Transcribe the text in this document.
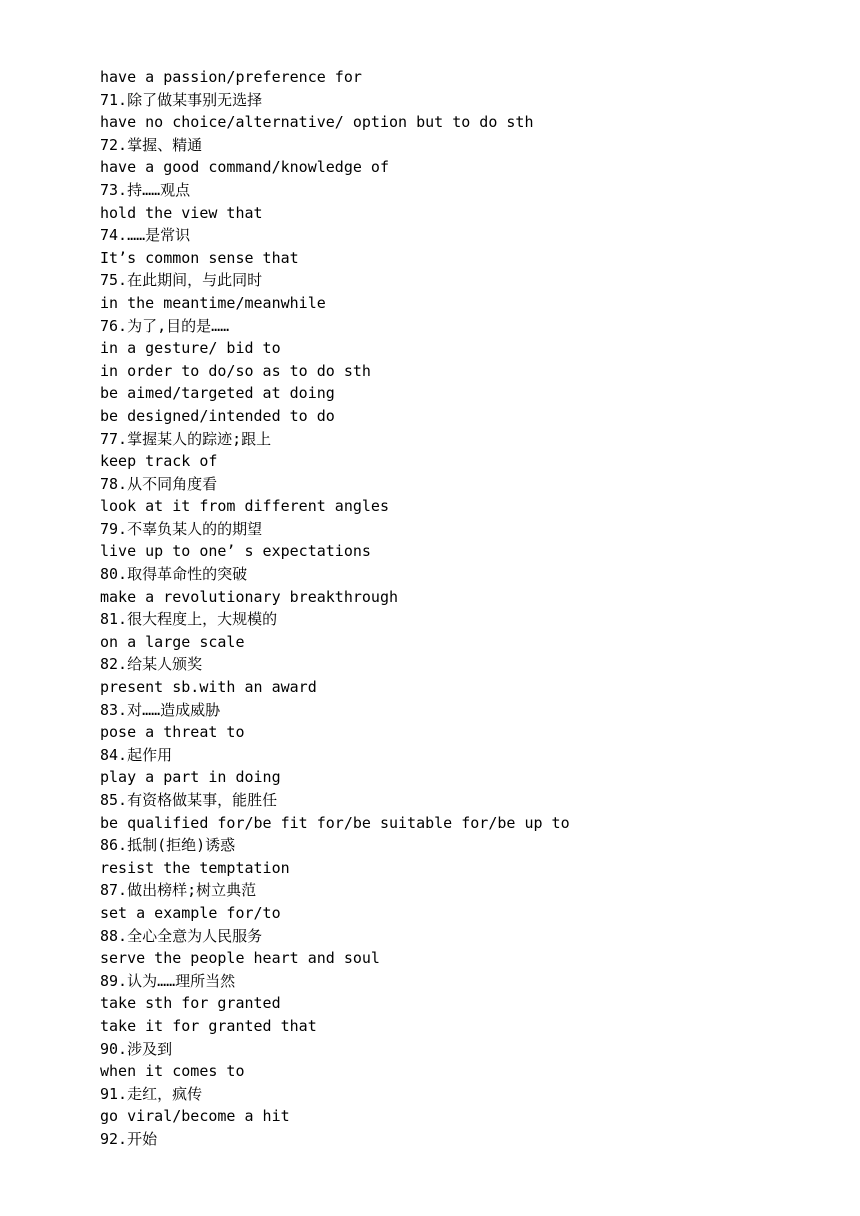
have a passion/preference for
71.除了做某事别无选择
have no choice/alternative/ option but to do sth
72.掌握、精通
have a good command/knowledge of
73.持……观点
hold the view that
74.……是常识
It’s common sense that
75.在此期间，与此同时
in the meantime/meanwhile
76.为了,目的是……
in a gesture/ bid to
in order to do/so as to do sth
be aimed/targeted at doing
be designed/intended to do
77.掌握某人的踪迹;跟上
keep track of
78.从不同角度看
look at it from different angles
79.不辜负某人的的期望
live up to one’ s expectations
80.取得革命性的突破
make a revolutionary breakthrough
81.很大程度上，大规模的
on a large scale
82.给某人颁奖
present sb.with an award
83.对……造成威胁
pose a threat to
84.起作用
play a part in doing
85.有资格做某事，能胜任
be qualified for/be fit for/be suitable for/be up to
86.抵制(拒绝)诱惑
resist the temptation
87.做出榜样;树立典范
set a example for/to
88.全心全意为人民服务
serve the people heart and soul
89.认为……理所当然
take sth for granted
take it for granted that
90.涉及到
when it comes to
91.走红，疯传
go viral/become a hit
92.开始
